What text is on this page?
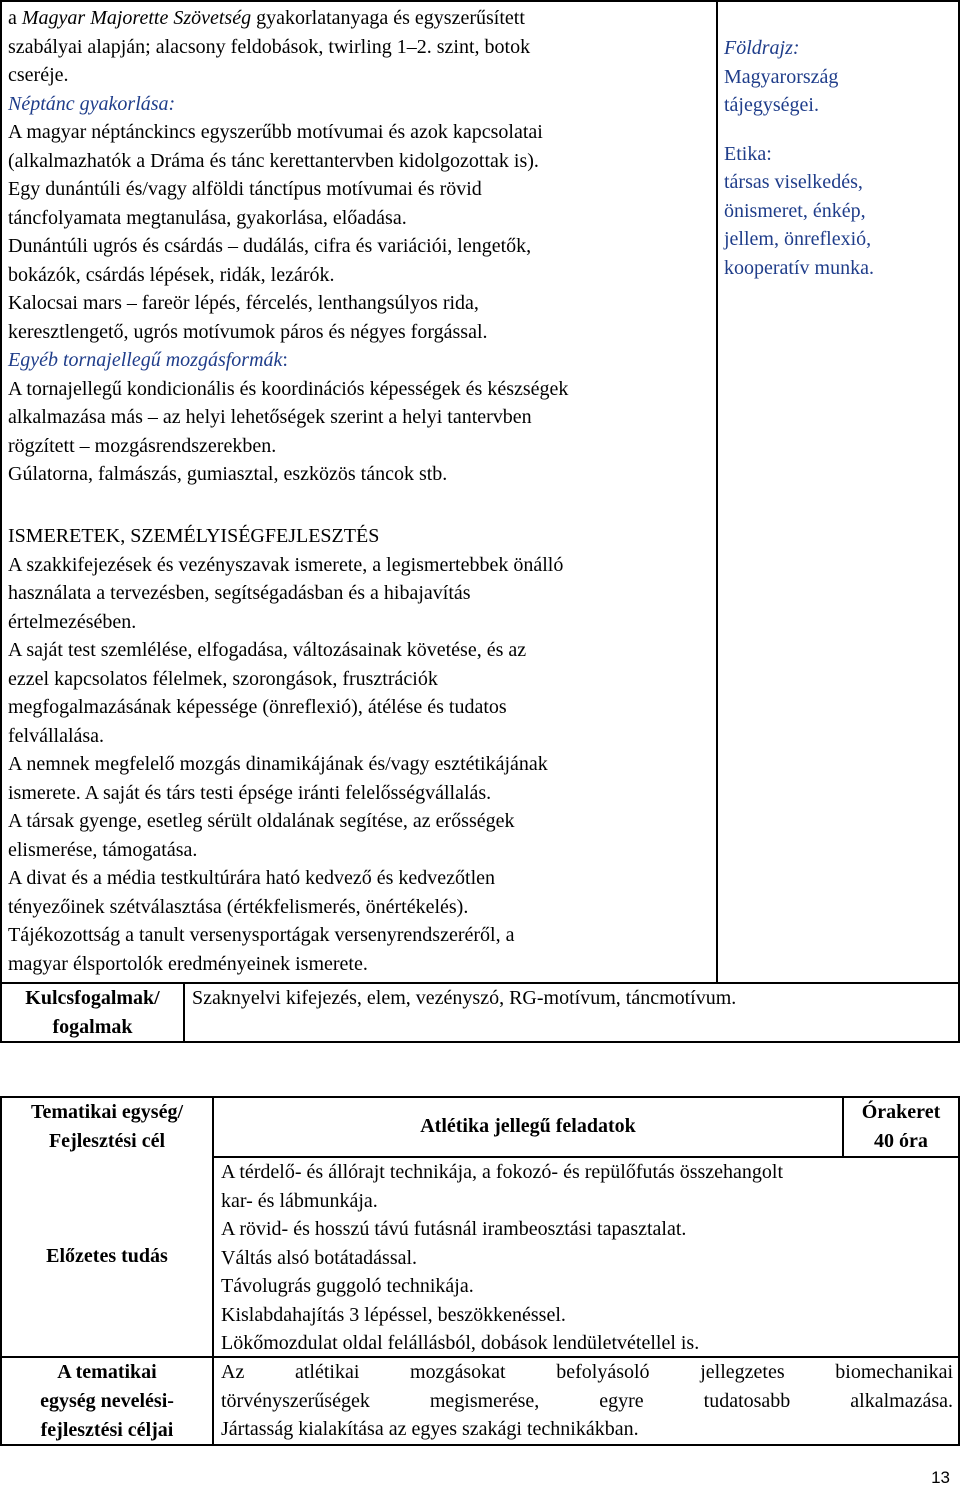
a Magyar Majorette Szövetség gyakorlatanyaga és egyszerűsített

szabályai alapján; alacsony feldobások, twirling 1–2. szint, botok

cseréje.

Néptánc gyakorlása:

A magyar néptánckincs egyszerűbb motívumai és azok kapcsolatai

(alkalmazhatók a Dráma és tánc kerettantervben kidolgozottak is).

Egy dunántúli és/vagy alföldi tánctípus motívumai és rövid

táncfolyamata megtanulása, gyakorlása, előadása.

Dunántúli ugrós és csárdás – dudálás, cifra és variációi, lengetők,

bokázók, csárdás lépések, ridák, lezárók.

Kalocsai mars – fareör lépés, fércelés, lenthangsúlyos rida,

keresztlengető, ugrós motívumok páros és négyes forgással.

Egyéb tornajellegű mozgásformák:

A tornajellegű kondicionális és koordinációs képességek és készségek

alkalmazása más – az helyi lehetőségek szerint a helyi tantervben

rögzített – mozgásrendszerekben.

Gúlatorna, falmászás, gumiasztal, eszközös táncok stb.

Földrajz:

Magyarország

tájegységei.

Etika:

társas viselkedés,

önismeret, énkép,

jellem, önreflexió,

kooperatív munka.

ISMERETEK, SZEMÉLYISÉGFEJLESZTÉS

A szakkifejezések és vezényszavak ismerete, a legismertebbek önálló

használata a tervezésben, segítségadásban és a hibajavítás

értelmezésében.

A saját test szemlélése, elfogadása, változásainak követése, és az

ezzel kapcsolatos félelmek, szorongások, frusztrációk

megfogalmazásának képessége (önreflexió), átélése és tudatos

felvállalása.

A nemnek megfelelő mozgás dinamikájának és/vagy esztétikájának

ismerete. A saját és társ testi épsége iránti felelősségvállalás.

A társak gyenge, esetleg sérült oldalának segítése, az erősségek

elismerése, támogatása.

A divat és a média testkultúrára ható kedvező és kedvezőtlen

tényezőinek szétválasztása (értékfelismerés, önértékelés).

Tájékozottság a tanult versenysportágak versenyrendszeréről, a

magyar élsportolók eredményeinek ismerete.

Kulcsfogalmak/

fogalmak

Szaknyelvi kifejezés, elem, vezényszó, RG-motívum, táncmotívum.

Tematikai egység/

Fejlesztési cél

Atlétika jellegű feladatok

Órakeret

40 óra

Előzetes tudás

A térdelő- és állórajt technikája, a fokozó- és repülőfutás összehangolt

kar- és lábmunkája.

A rövid- és hosszú távú futásnál irambeosztási tapasztalat.

Váltás alsó botátadással.

Távolugrás guggoló technikája.

Kislabdahajítás 3 lépéssel, beszökkenéssel.

Lökőmozdulat oldal felállásból, dobások lendületvétellel is.

A tematikai

egység nevelési-

fejlesztési céljai

Az atlétikai mozgásokat befolyásoló jellegzetes biomechanikai

törvényszerűségek megismerése, egyre tudatosabb alkalmazása.

Jártasság kialakítása az egyes szakági technikákban.

13
